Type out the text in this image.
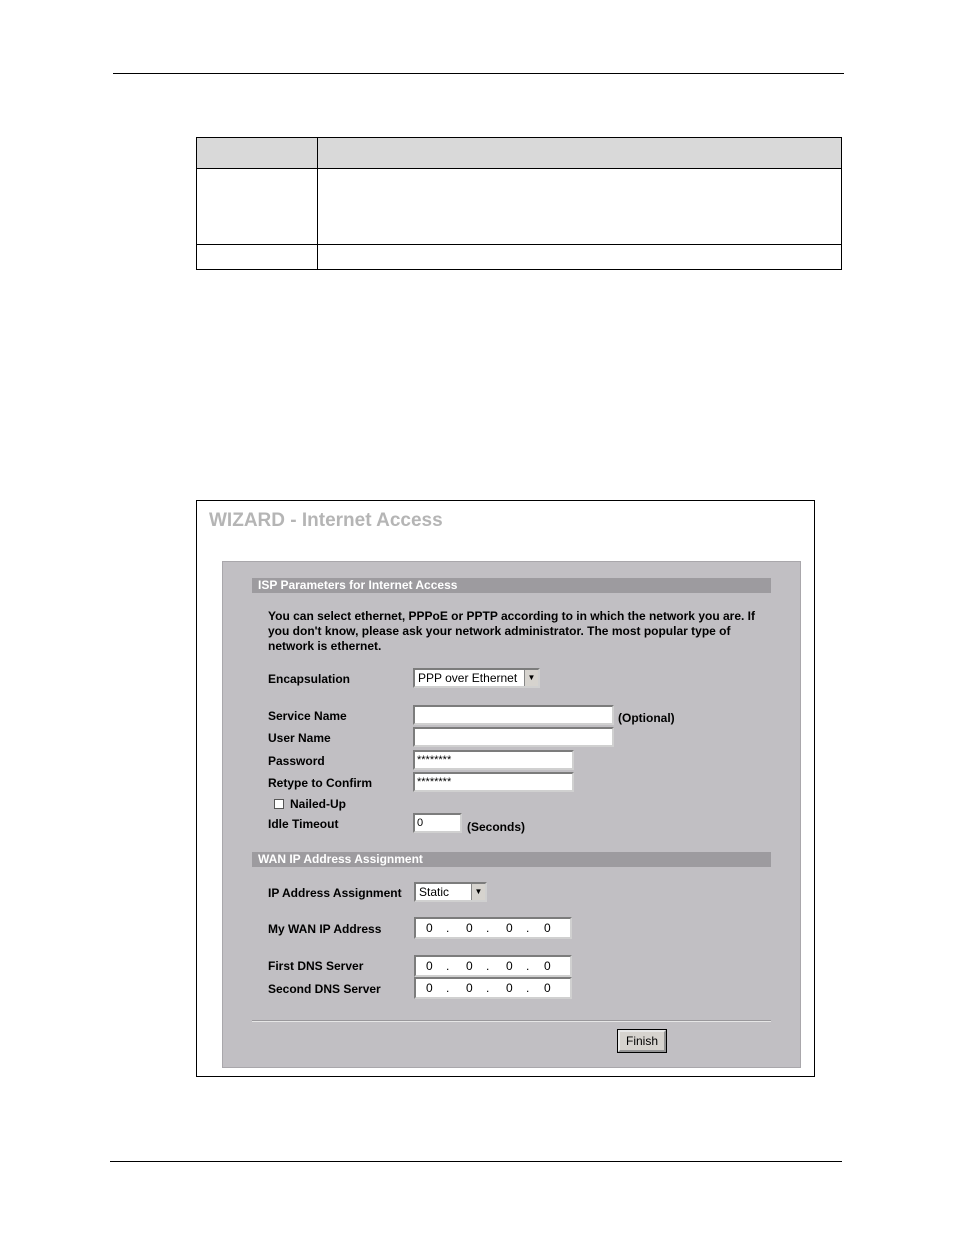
WIZARD - Internet Access
ISP Parameters for Internet Access
You can select ethernet, PPPoE or PPTP according to in which the network you are. If you don't know, please ask your network administrator. The most popular type of network is ethernet.
Encapsulation	PPP over Ethernet	▼
Service Name	(Optional)
User Name
Password	********
Retype to Confirm	********
Nailed-Up
Idle Timeout	0	(Seconds)
WAN IP Address Assignment
IP Address Assignment	Static	▼
My WAN IP Address	0 . 0 . 0 . 0
First DNS Server	0 . 0 . 0 . 0
Second DNS Server	0 . 0 . 0 . 0
Finish
